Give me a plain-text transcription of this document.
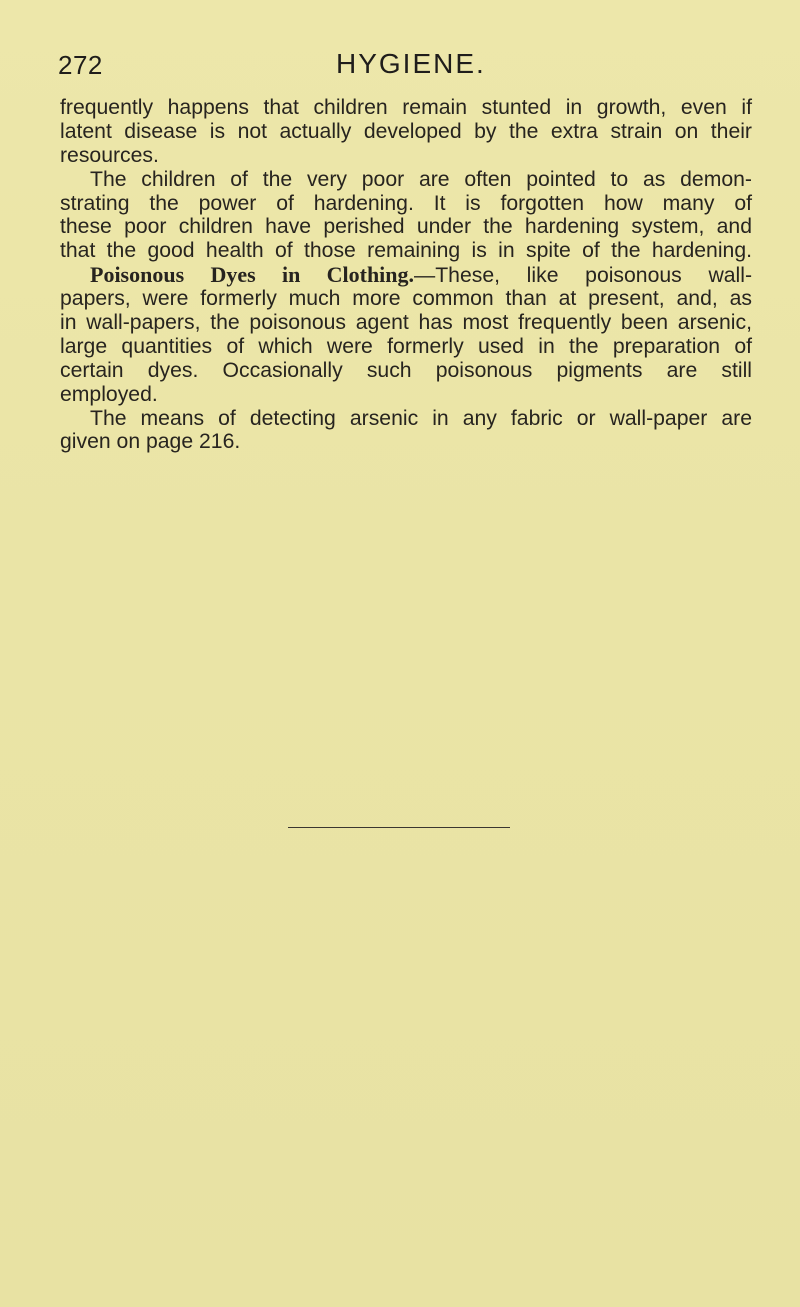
272	HYGIENE.
frequently happens that children remain stunted in growth, even if
latent disease is not actually developed by the extra strain on their
resources.
The children of the very poor are often pointed to as demon-
strating the power of hardening. It is forgotten how many of
these poor children have perished under the hardening system, and
that the good health of those remaining is in spite of the hardening.
Poisonous Dyes in Clothing.—These, like poisonous wall-
papers, were formerly much more common than at present, and, as
in wall-papers, the poisonous agent has most frequently been arsenic,
large quantities of which were formerly used in the preparation of
certain dyes. Occasionally such poisonous pigments are still
employed.
The means of detecting arsenic in any fabric or wall-paper are
given on page 216.
